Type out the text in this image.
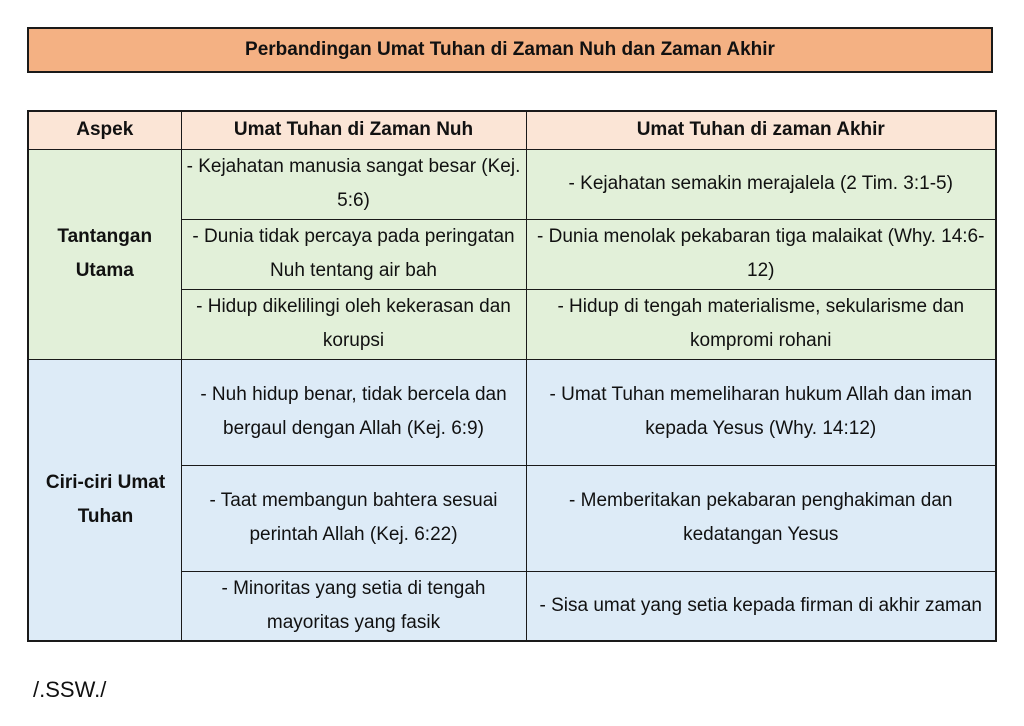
Perbandingan Umat Tuhan di Zaman Nuh dan Zaman Akhir
Aspek	Umat Tuhan di Zaman Nuh	Umat Tuhan di zaman Akhir

Tantangan Utama	- Kejahatan manusia sangat besar (Kej. 5:6)	- Kejahatan semakin merajalela (2 Tim. 3:1-5)
	- Dunia tidak percaya pada peringatan Nuh tentang air bah	- Dunia menolak pekabaran tiga malaikat (Why. 14:6-12)
	- Hidup dikelilingi oleh kekerasan dan korupsi	- Hidup di tengah materialisme, sekularisme dan kompromi rohani

Ciri-ciri Umat Tuhan	- Nuh hidup benar, tidak bercela dan bergaul dengan Allah (Kej. 6:9)	- Umat Tuhan memeliharan hukum Allah dan iman kepada Yesus (Why. 14:12)
	- Taat membangun bahtera sesuai perintah Allah (Kej. 6:22)	- Memberitakan pekabaran penghakiman dan kedatangan Yesus
	- Minoritas yang setia di tengah mayoritas yang fasik	- Sisa umat yang setia kepada firman di akhir zaman
/.SSW./
